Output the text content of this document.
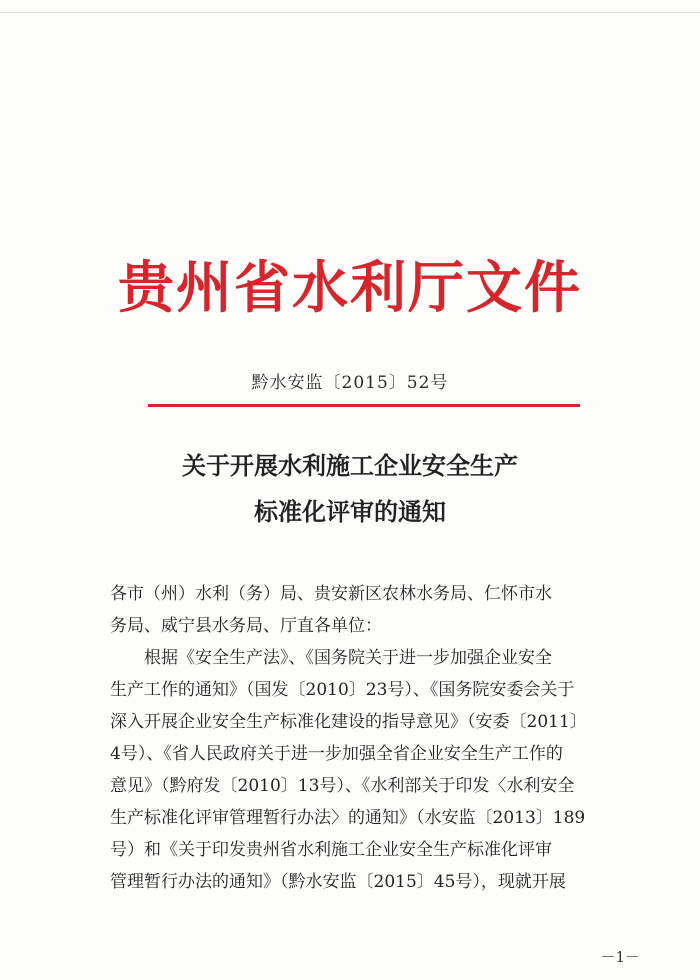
贵州省水利厅文件
黔水安监〔2015〕52号
关于开展水利施工企业安全生产
标准化评审的通知

各市（州）水利（务）局、贵安新区农林水务局、仁怀市水
务局、威宁县水务局、厅直各单位：

根据《安全生产法》、《国务院关于进一步加强企业安全
生产工作的通知》（国发〔2010〕23号）、《国务院安委会关于
深入开展企业安全生产标准化建设的指导意见》（安委〔2011〕
4号）、《省人民政府关于进一步加强全省企业安全生产工作的
意见》（黔府发〔2010〕13号）、《水利部关于印发〈水利安全
生产标准化评审管理暂行办法〉的通知》（水安监〔2013〕189
号）和《关于印发贵州省水利施工企业安全生产标准化评审
管理暂行办法的通知》（黔水安监〔2015〕45号），现就开展

－1－
